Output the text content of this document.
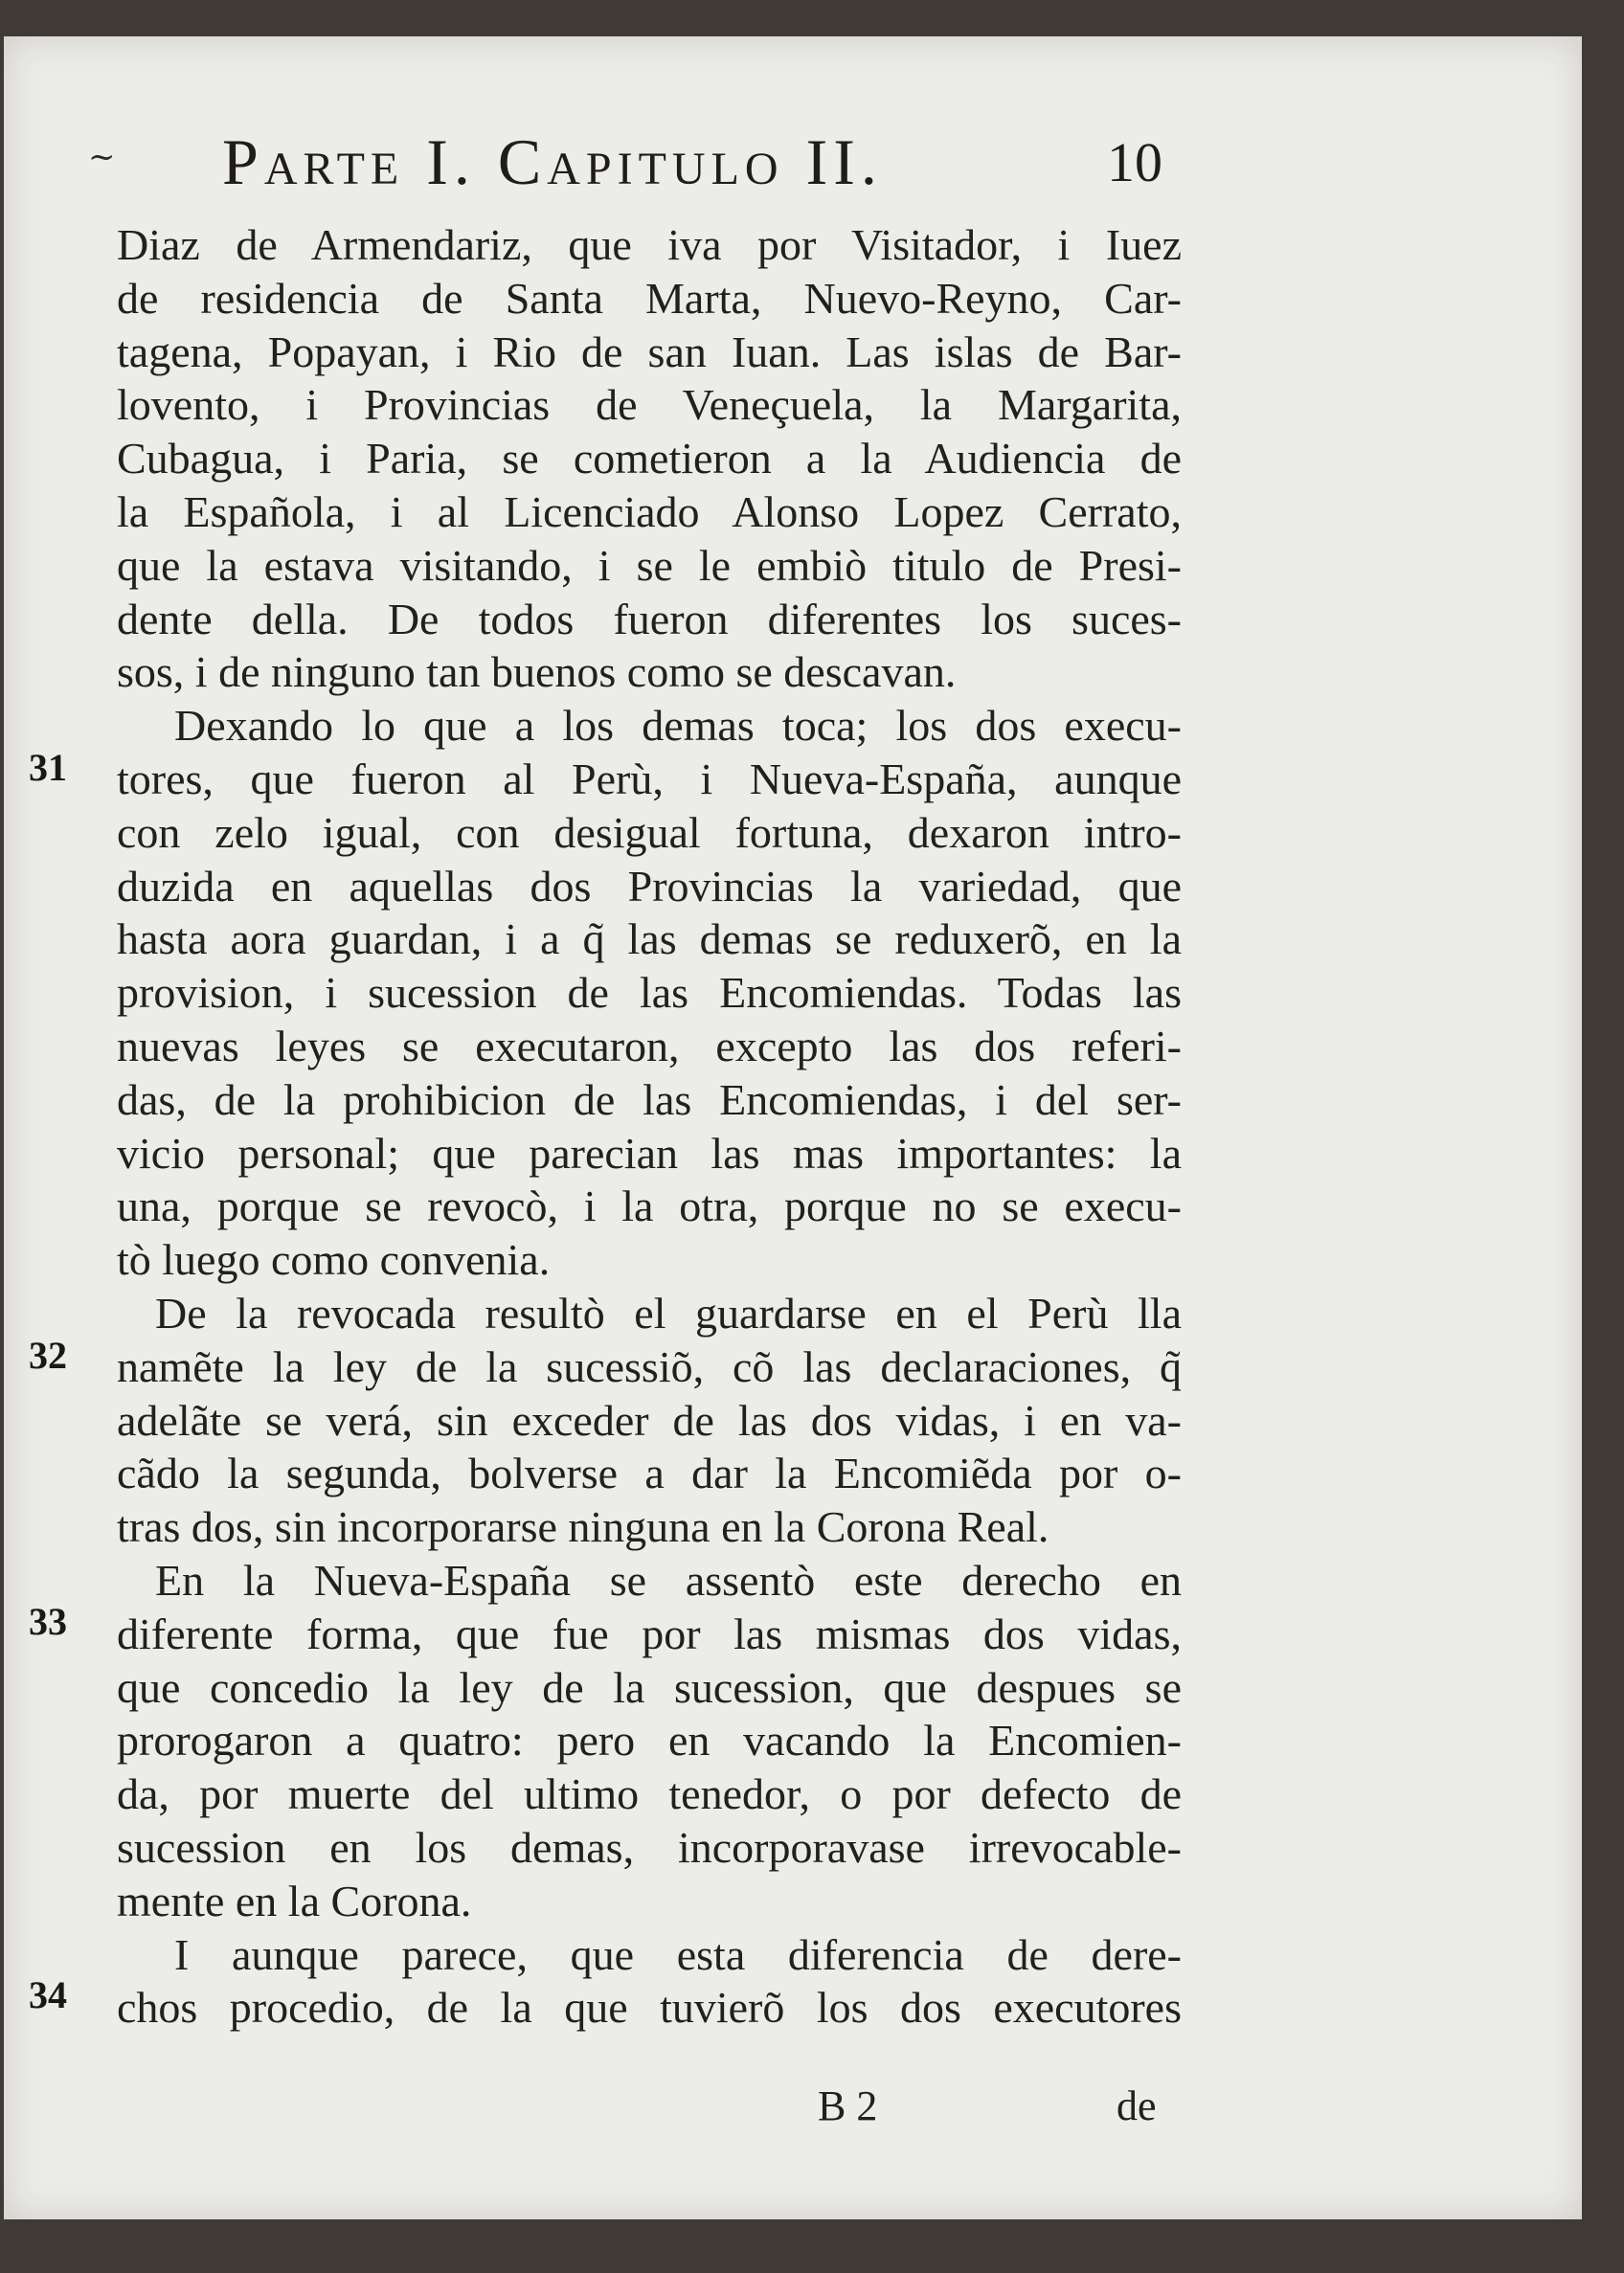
~ Parte I. Capitulo II.	10
31
32
33
34
Diaz de Armendariz, que iva por Visitador, i Iuez
de residencia de Santa Marta, Nuevo-Reyno, Car-
tagena, Popayan, i Rio de san Iuan. Las islas de Bar-
lovento, i Provincias de Veneçuela, la Margarita,
Cubagua, i Paria, se cometieron a la Audiencia de
la Española, i al Licenciado Alonso Lopez Cerrato,
que la estava visitando, i se le embiò titulo de Presi-
dente della. De todos fueron diferentes los suces-
sos, i de ninguno tan buenos como se descavan.
Dexando lo que a los demas toca; los dos execu-
tores, que fueron al Perù, i Nueva-España, aunque
con zelo igual, con desigual fortuna, dexaron intro-
duzida en aquellas dos Provincias la variedad, que
hasta aora guardan, i a q̃ las demas se reduxerõ, en la
provision, i sucession de las Encomiendas. Todas las
nuevas leyes se executaron, excepto las dos referi-
das, de la prohibicion de las Encomiendas, i del ser-
vicio personal; que parecian las mas importantes: la
una, porque se revocò, i la otra, porque no se execu-
tò luego como convenia.
De la revocada resultò el guardarse en el Perù lla
namẽte la ley de la sucessiõ, cõ las declaraciones, q̃
adelãte se verá, sin exceder de las dos vidas, i en va-
cãdo la segunda, bolverse a dar la Encomiẽda por o-
tras dos, sin incorporarse ninguna en la Corona Real.
En la Nueva-España se assentò este derecho en
diferente forma, que fue por las mismas dos vidas,
que concedio la ley de la sucession, que despues se
prorogaron a quatro: pero en vacando la Encomien-
da, por muerte del ultimo tenedor, o por defecto de
sucession en los demas, incorporavase irrevocable-
mente en la Corona.
I aunque parece, que esta diferencia de dere-
chos procedio, de la que tuvierõ los dos executores
B 2	de
